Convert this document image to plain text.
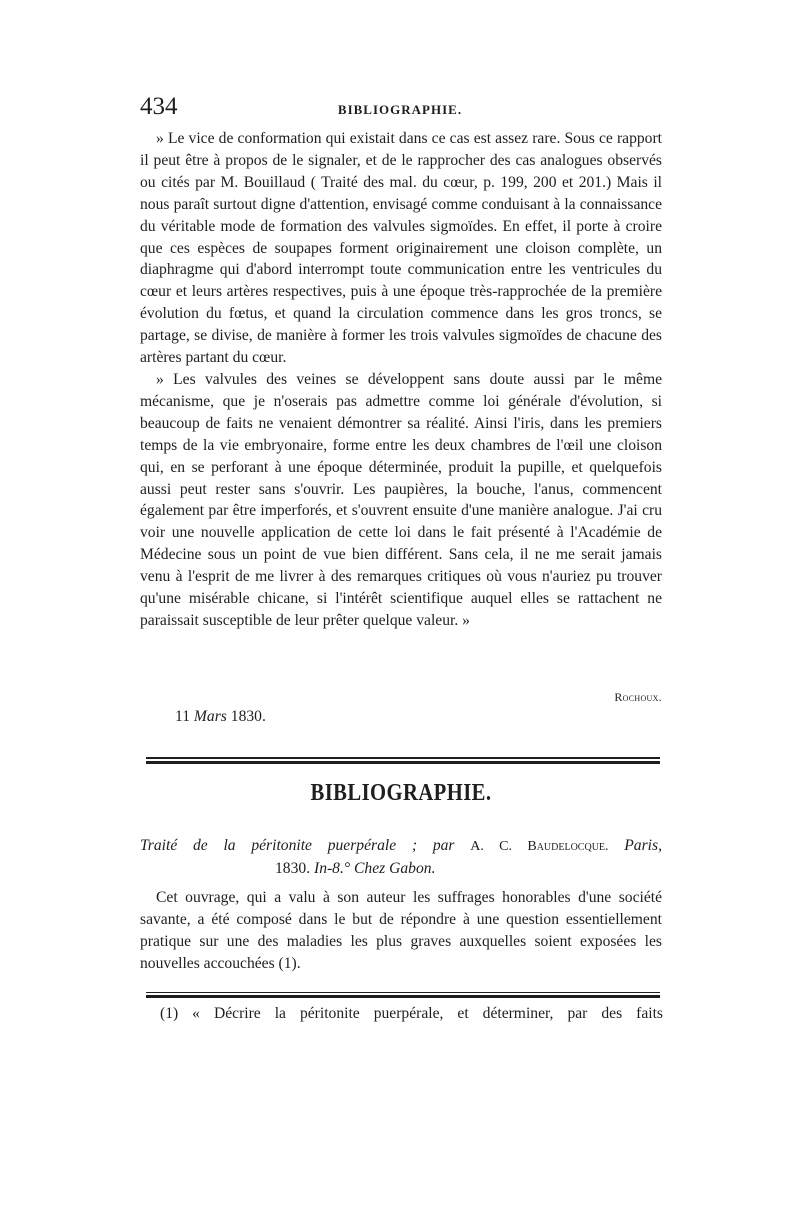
434	BIBLIOGRAPHIE.

» Le vice de conformation qui existait dans ce cas est assez rare. Sous ce rapport il peut être à propos de le signaler, et de le rapprocher des cas analogues observés ou cités par M. Bouillaud ( Traité des mal. du cœur, p. 199, 200 et 201.) Mais il nous paraît surtout digne d'attention, envisagé comme conduisant à la connaissance du véritable mode de formation des valvules sigmoïdes. En effet, il porte à croire que ces espèces de soupapes forment originairement une cloison complète, un diaphragme qui d'abord interrompt toute communication entre les ventricules du cœur et leurs artères respectives, puis à une époque très-rapprochée de la première évolution du fœtus, et quand la circulation commence dans les gros troncs, se partage, se divise, de manière à former les trois valvules sigmoïdes de chacune des artères partant du cœur.

» Les valvules des veines se développent sans doute aussi par le même mécanisme, que je n'oserais pas admettre comme loi générale d'évolution, si beaucoup de faits ne venaient démontrer sa réalité. Ainsi l'iris, dans les premiers temps de la vie embryonaire, forme entre les deux chambres de l'œil une cloison qui, en se perforant à une époque déterminée, produit la pupille, et quelquefois aussi peut rester sans s'ouvrir. Les paupières, la bouche, l'anus, commencent également par être imperforés, et s'ouvrent ensuite d'une manière analogue. J'ai cru voir une nouvelle application de cette loi dans le fait présenté à l'Académie de Médecine sous un point de vue bien différent. Sans cela, il ne me serait jamais venu à l'esprit de me livrer à des remarques critiques où vous n'auriez pu trouver qu'une misérable chicane, si l'intérêt scientifique auquel elles se rattachent ne paraissait susceptible de leur prêter quelque valeur. »

Rochoux.
11 Mars 1830.
BIBLIOGRAPHIE.
Traité de la péritonite puerpérale ; par A. C. Baudelocque. Paris,
1830. In-8.° Chez Gabon.

Cet ouvrage, qui a valu à son auteur les suffrages honorables d'une société savante, a été composé dans le but de répondre à une question essentiellement pratique sur une des maladies les plus graves auxquelles soient exposées les nouvelles accouchées (1).

(1) « Décrire la péritonite puerpérale, et déterminer, par des faits
